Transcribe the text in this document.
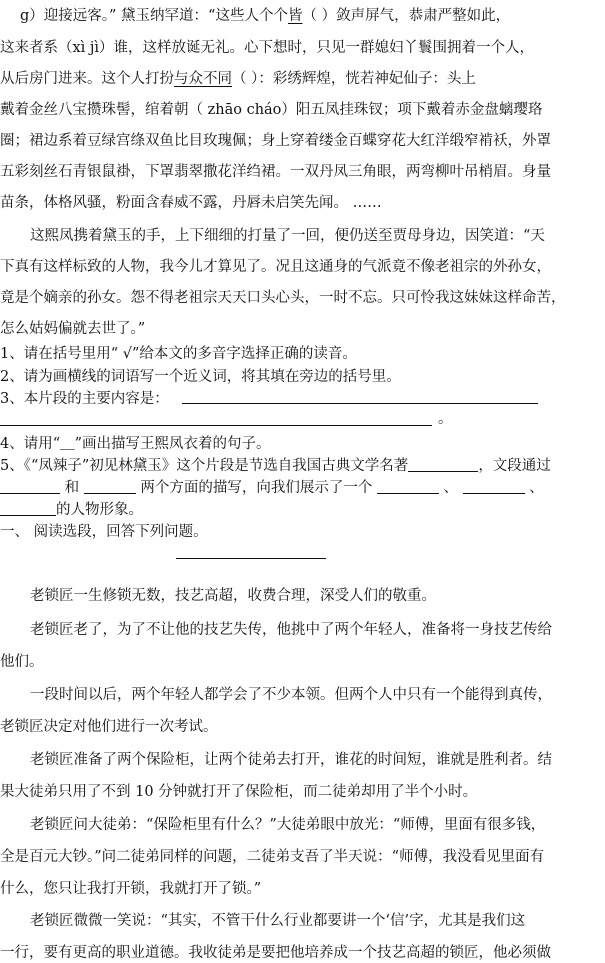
g）迎接远客。” 黛玉纳罕道：“这些人个个皆（ ）敛声屏气，恭肃严整如此，
这来者系（xì jì）谁，这样放诞无礼。心下想时，只见一群媳妇丫鬟围拥着一个人，
从后房门进来。这个人打扮与众不同（ ）：彩绣辉煌，恍若神妃仙子：头上
戴着金丝八宝攒珠髻，绾着朝（ zhāo cháo）阳五凤挂珠钗；项下戴着赤金盘螭璎珞
圈；裙边系着豆绿宫绦双鱼比目玫瑰佩；身上穿着缕金百蝶穿花大红洋缎窄褃袄，外罩
五彩刻丝石青银鼠褂，下罩翡翠撒花洋绉裙。一双丹凤三角眼，两弯柳叶吊梢眉。身量
苗条，体格风骚，粉面含春威不露，丹唇未启笑先闻。 ……
这熙凤携着黛玉的手，上下细细的打量了一回，便仍送至贾母身边，因笑道：“天
下真有这样标致的人物，我今儿才算见了。况且这通身的气派竟不像老祖宗的外孙女，
竟是个嫡亲的孙女。怨不得老祖宗天天口头心头，一时不忘。只可怜我这妹妹这样命苦，
怎么姑妈偏就去世了。”
1、请在括号里用“ √”给本文的多音字选择正确的读音。
2、请为画横线的词语写一个近义词，将其填在旁边的括号里。
3、本片段的主要内容是：
。
4、请用“＿”画出描写王熙凤衣着的句子。
5、《“凤辣子”初见林黛玉》这个片段是节选自我国古典文学名著	，文段通过
和	两个方面的描写，向我们展示了一个	、	、
的人物形象。
一、 阅读选段，回答下列问题。
老锁匠一生修锁无数，技艺高超，收费合理，深受人们的敬重。
老锁匠老了，为了不让他的技艺失传，他挑中了两个年轻人，准备将一身技艺传给
他们。
一段时间以后，两个年轻人都学会了不少本领。但两个人中只有一个能得到真传，
老锁匠决定对他们进行一次考试。
老锁匠准备了两个保险柜，让两个徒弟去打开，谁花的时间短，谁就是胜利者。结
果大徒弟只用了不到 10 分钟就打开了保险柜，而二徒弟却用了半个小时。
老锁匠问大徒弟：“保险柜里有什么？”大徒弟眼中放光：“师傅，里面有很多钱，
全是百元大钞。”问二徒弟同样的问题，二徒弟支吾了半天说：“师傅，我没看见里面有
什么，您只让我打开锁，我就打开了锁。”
老锁匠微微一笑说：“其实，不管干什么行业都要讲一个‘信’字，尤其是我们这
一行，要有更高的职业道德。我收徒弟是要把他培养成一个技艺高超的锁匠，他必须做
